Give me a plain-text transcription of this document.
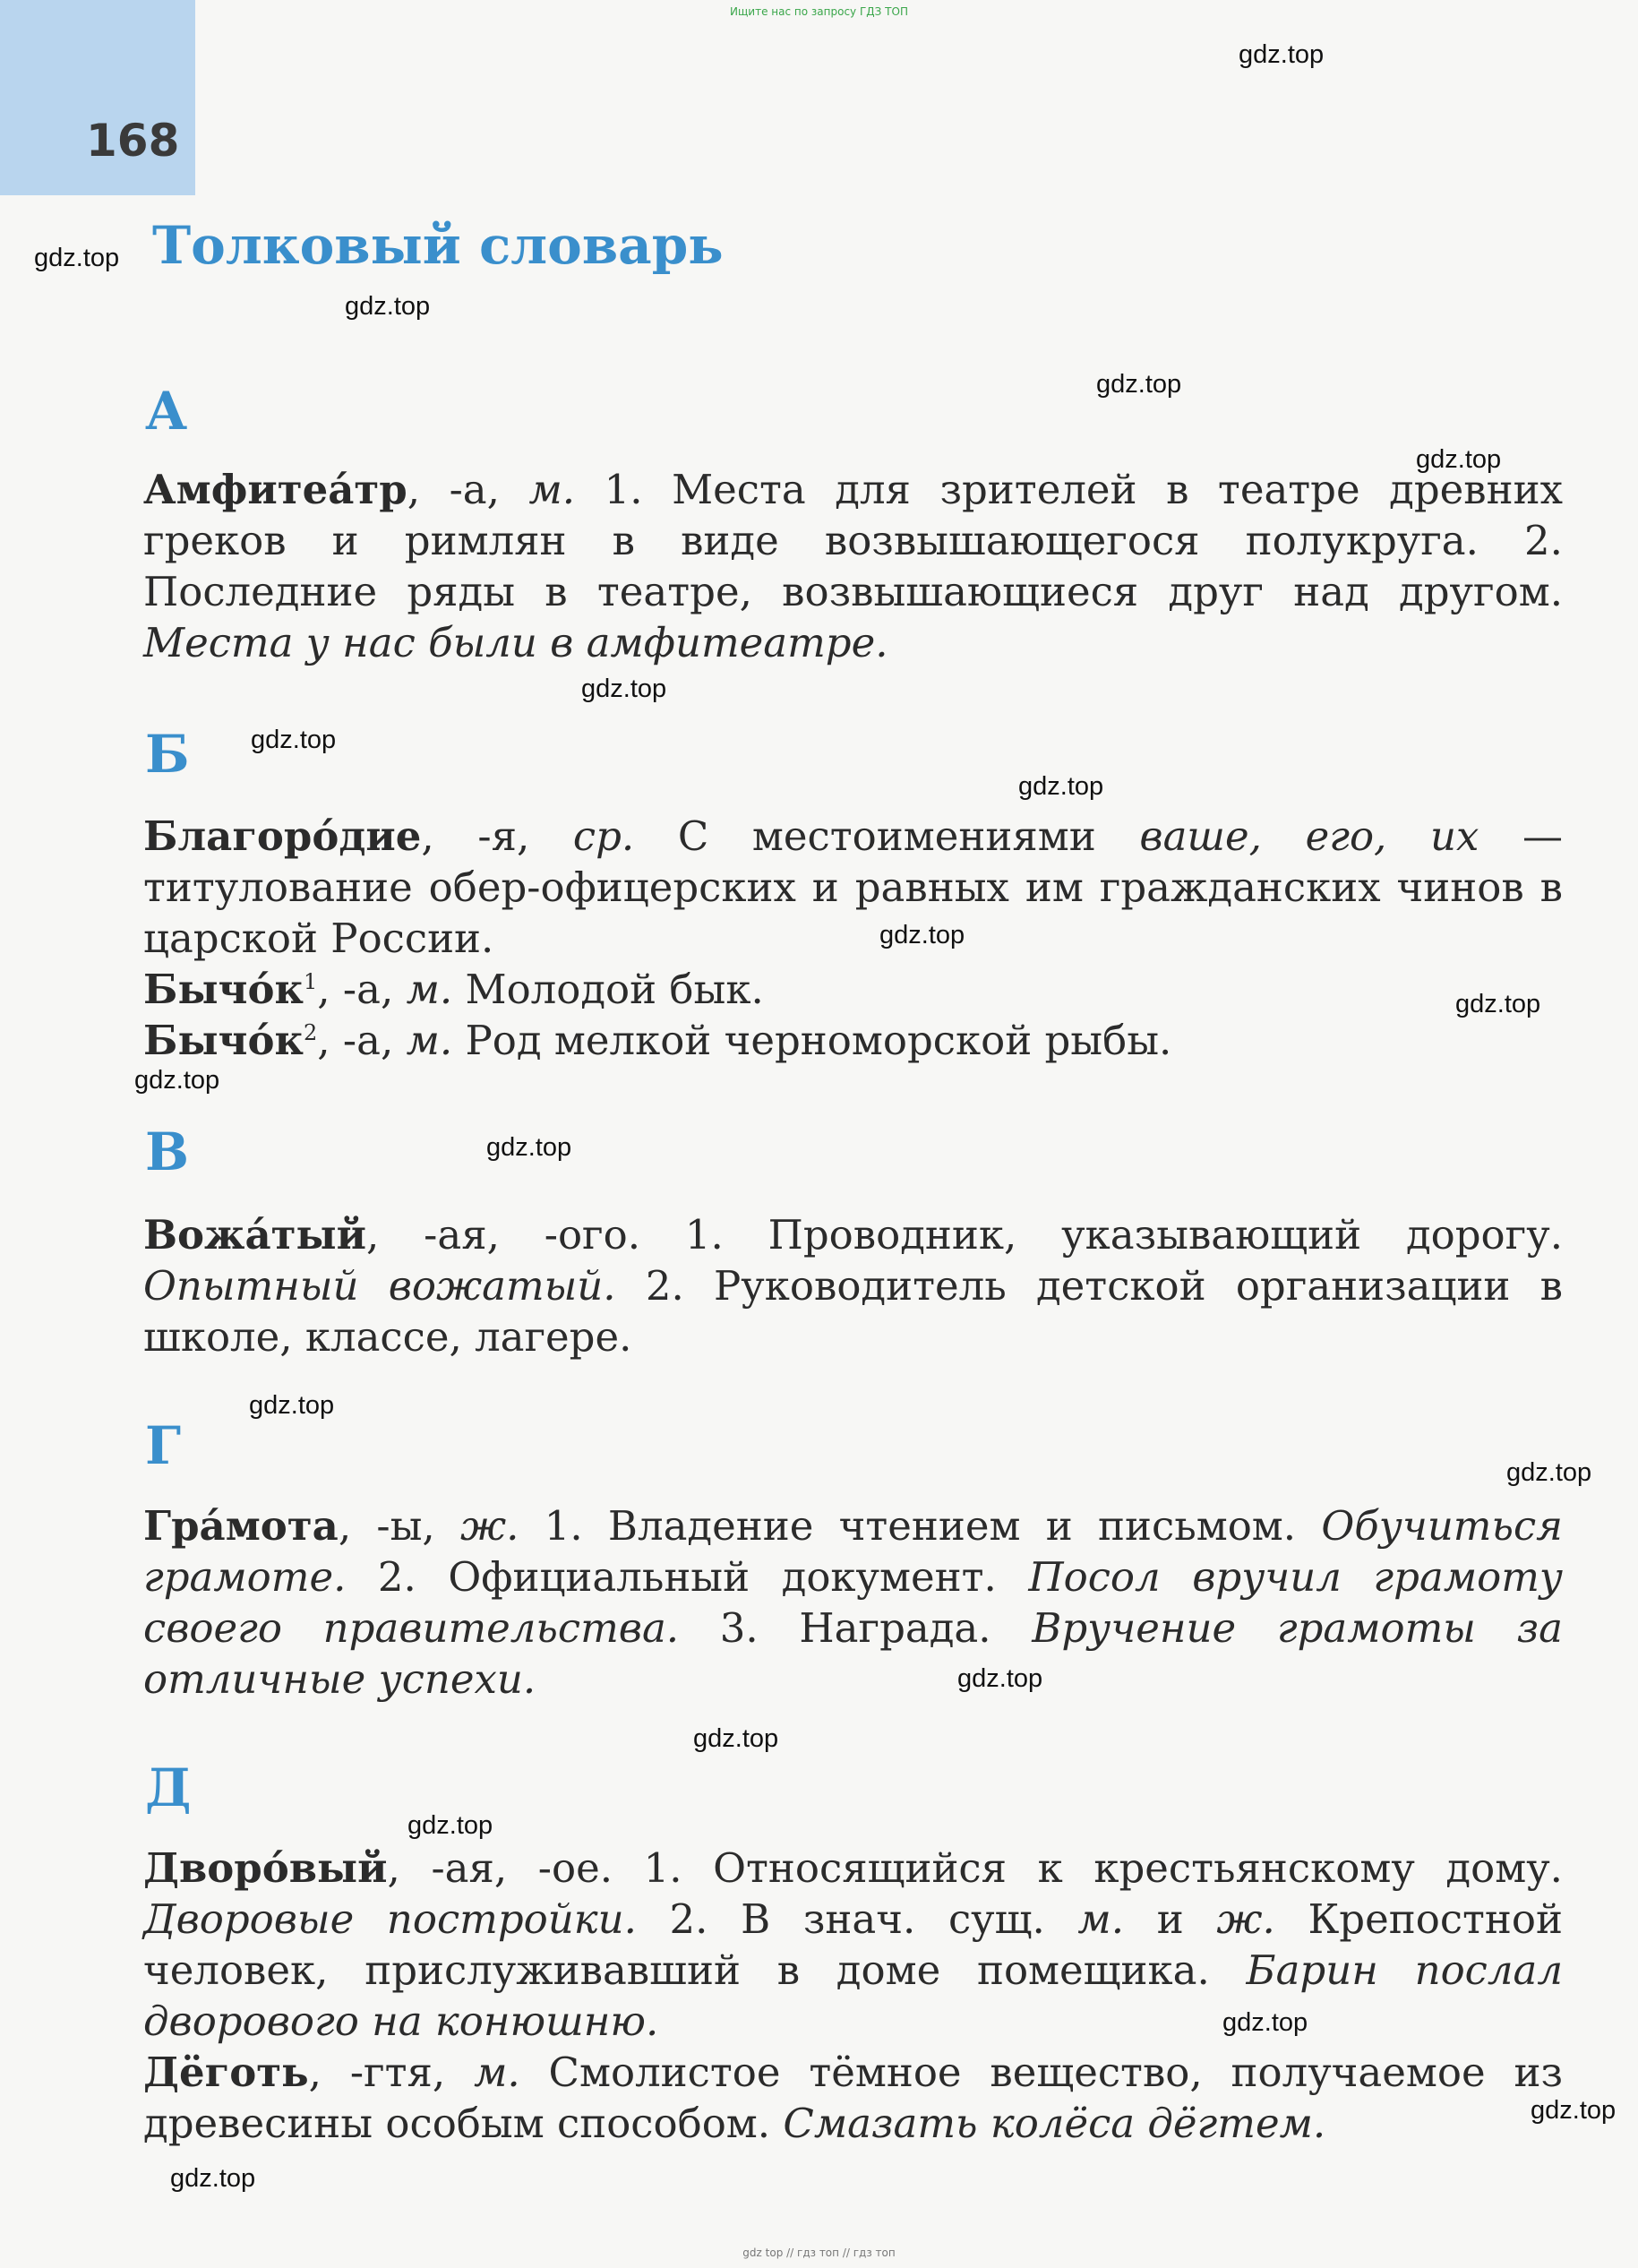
Ищите нас по запросу ГДЗ ТОП
168
Толковый словарь
А
Амфитеа́тр, -а, м. 1. Места для зрителей в театре древних греков и римлян в виде возвышающегося полукруга. 2. Последние ряды в театре, возвышающиеся друг над другом. Места у нас были в амфитеатре.
Б
Благоро́дие, -я, ср. С местоимениями ваше, его, их — титулование обер-офицерских и равных им гражданских чинов в царской России.
$Бычо́к^1$, -а, м. Молодой бык.
$Бычо́к^2$, -а, м. Род мелкой черноморской рыбы.
В
Вожа́тый, -ая, -ого. 1. Проводник, указывающий дорогу. Опытный вожатый. 2. Руководитель детской организации в школе, классе, лагере.
Г
Гра́мота, -ы, ж. 1. Владение чтением и письмом. Обучиться грамоте. 2. Официальный документ. Посол вручил грамоту своего правительства. 3. Награда. Вручение грамоты за отличные успехи.
Д
Дворо́вый, -ая, -ое. 1. Относящийся к крестьянскому дому. Дворовые постройки. 2. В знач. сущ. м. и ж. Крепостной человек, прислуживавший в доме помещика. Барин послал дворового на конюшню.
Дёготь, -гтя, м. Смолистое тёмное вещество, получаемое из древесины особым способом. Смазать колёса дёгтем.
gdz.top
gdz.top
gdz.top
gdz.top
gdz.top
gdz.top
gdz.top
gdz.top
gdz.top
gdz.top
gdz.top
gdz.top
gdz.top
gdz.top
gdz.top
gdz.top
gdz.top
gdz.top
gdz.top
gdz.top
gdz top // гдз топ // гдз топ
